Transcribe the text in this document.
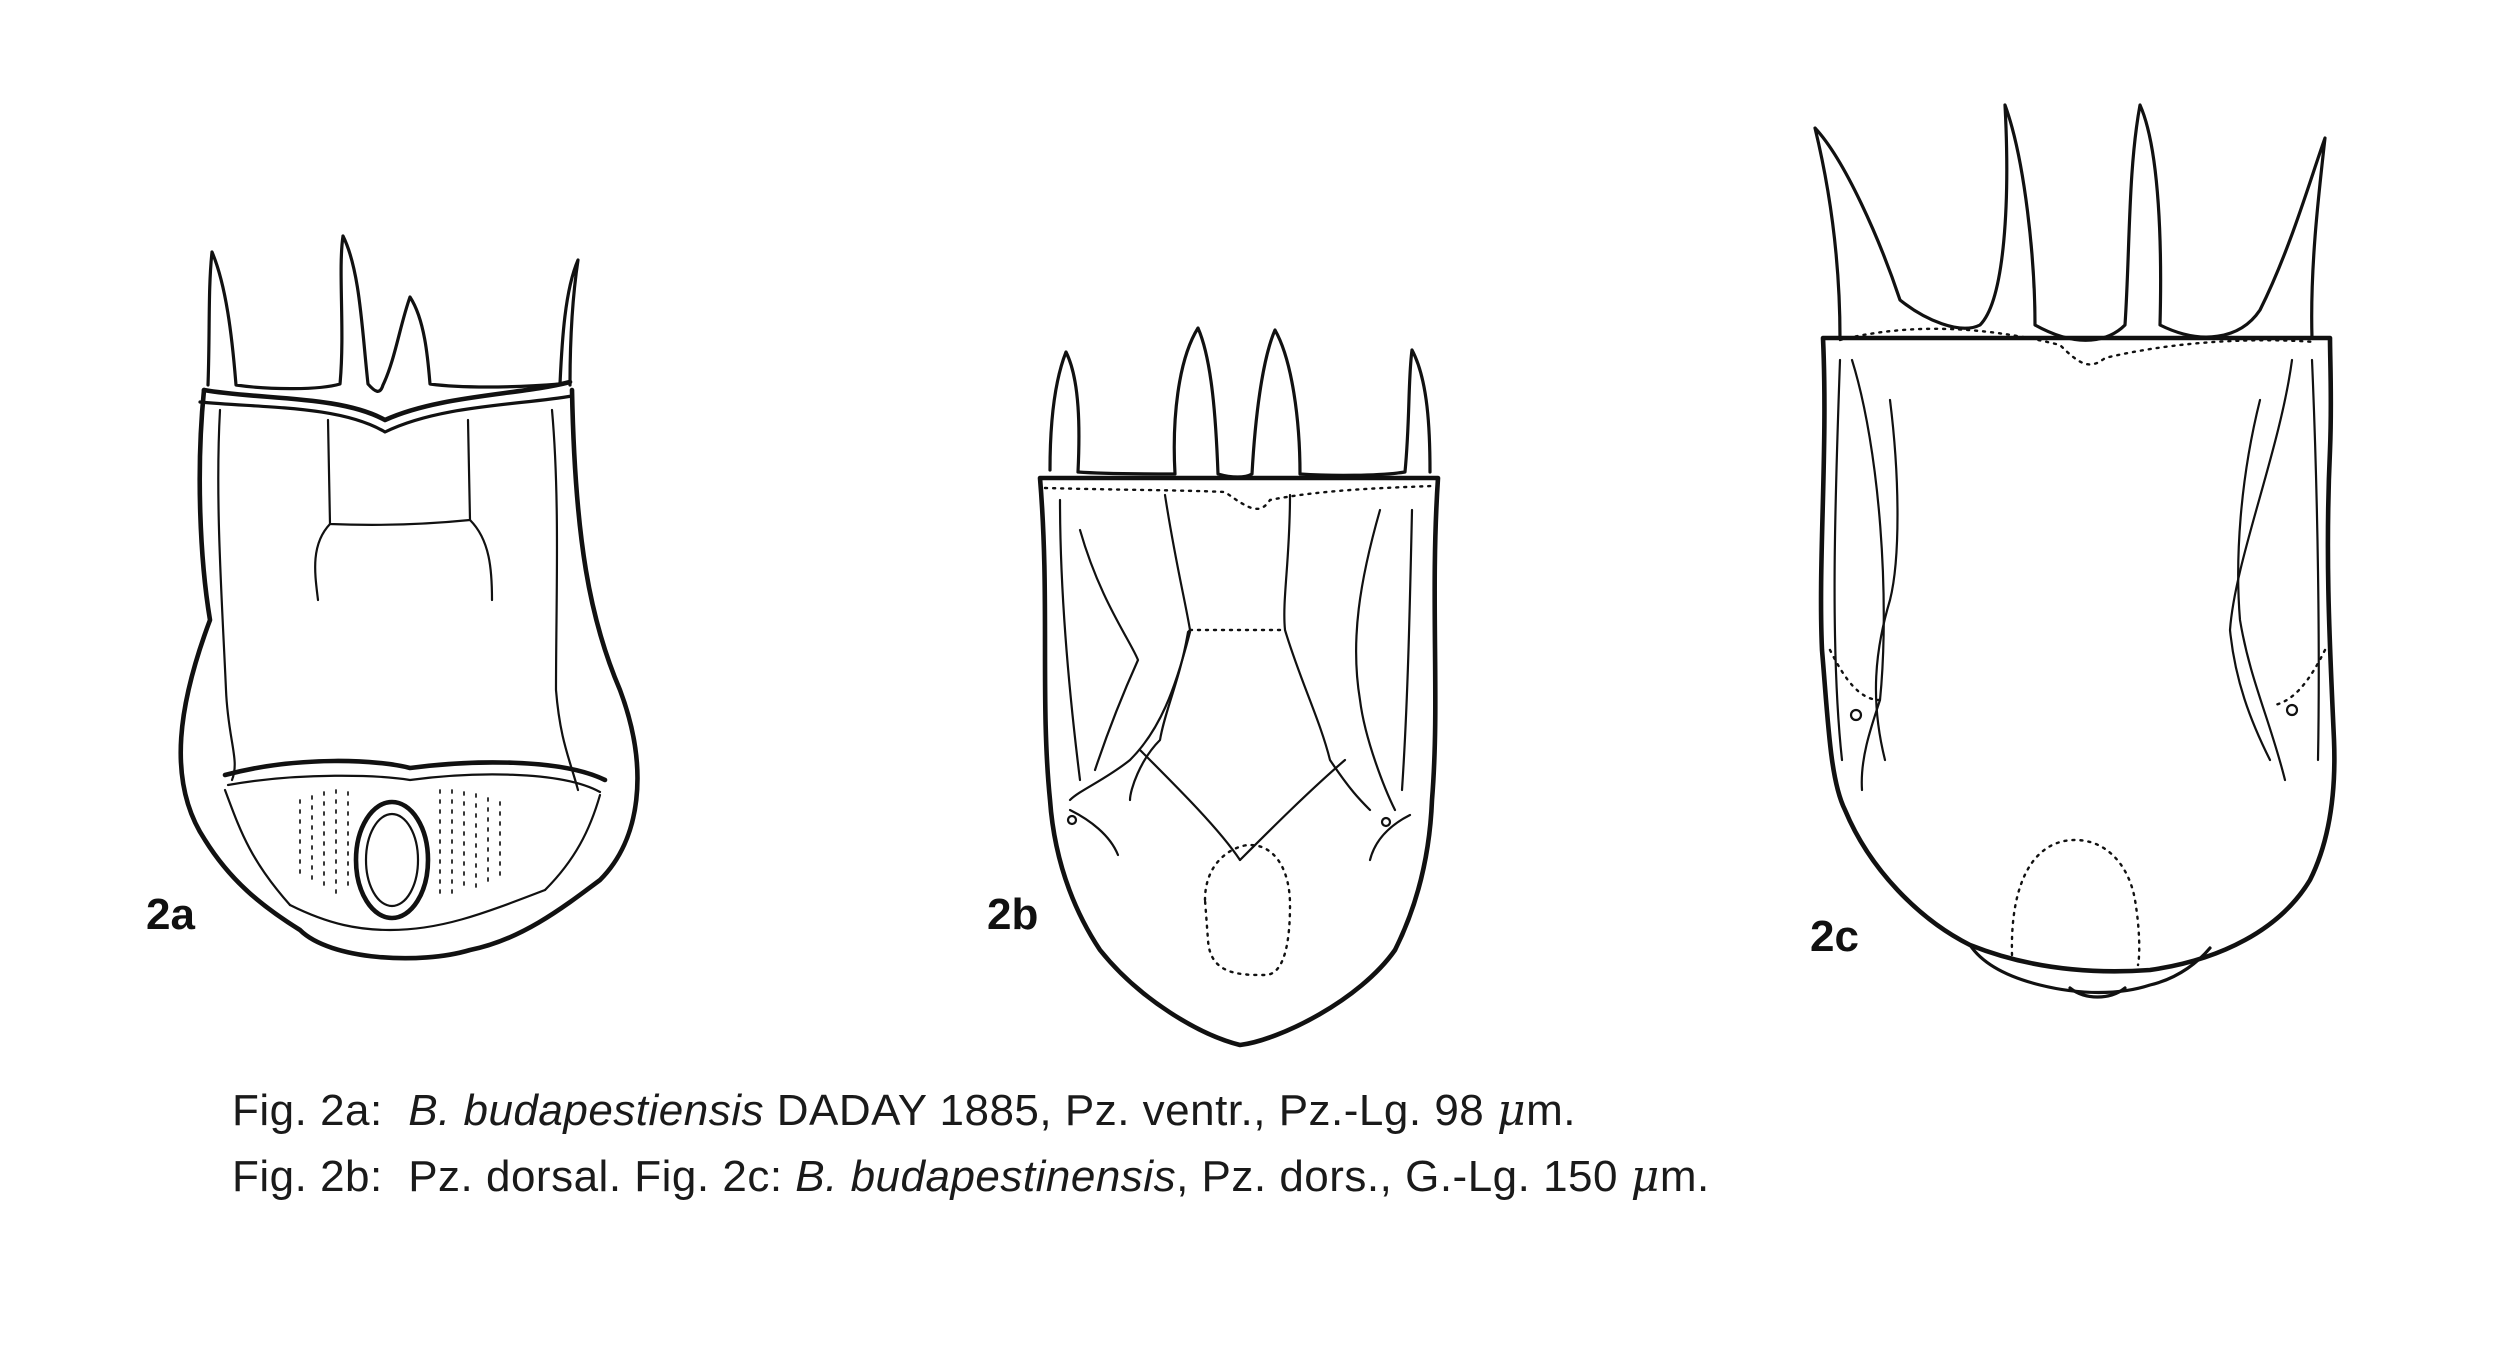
2a	2b	2c
Fig. 2a:  B. budapestiensis DADAY 1885, Pz. ventr., Pz.-Lg. 98 μm.
Fig. 2b:  Pz. dorsal. Fig. 2c: B. budapestinensis, Pz. dors., G.-Lg. 150 μm.
